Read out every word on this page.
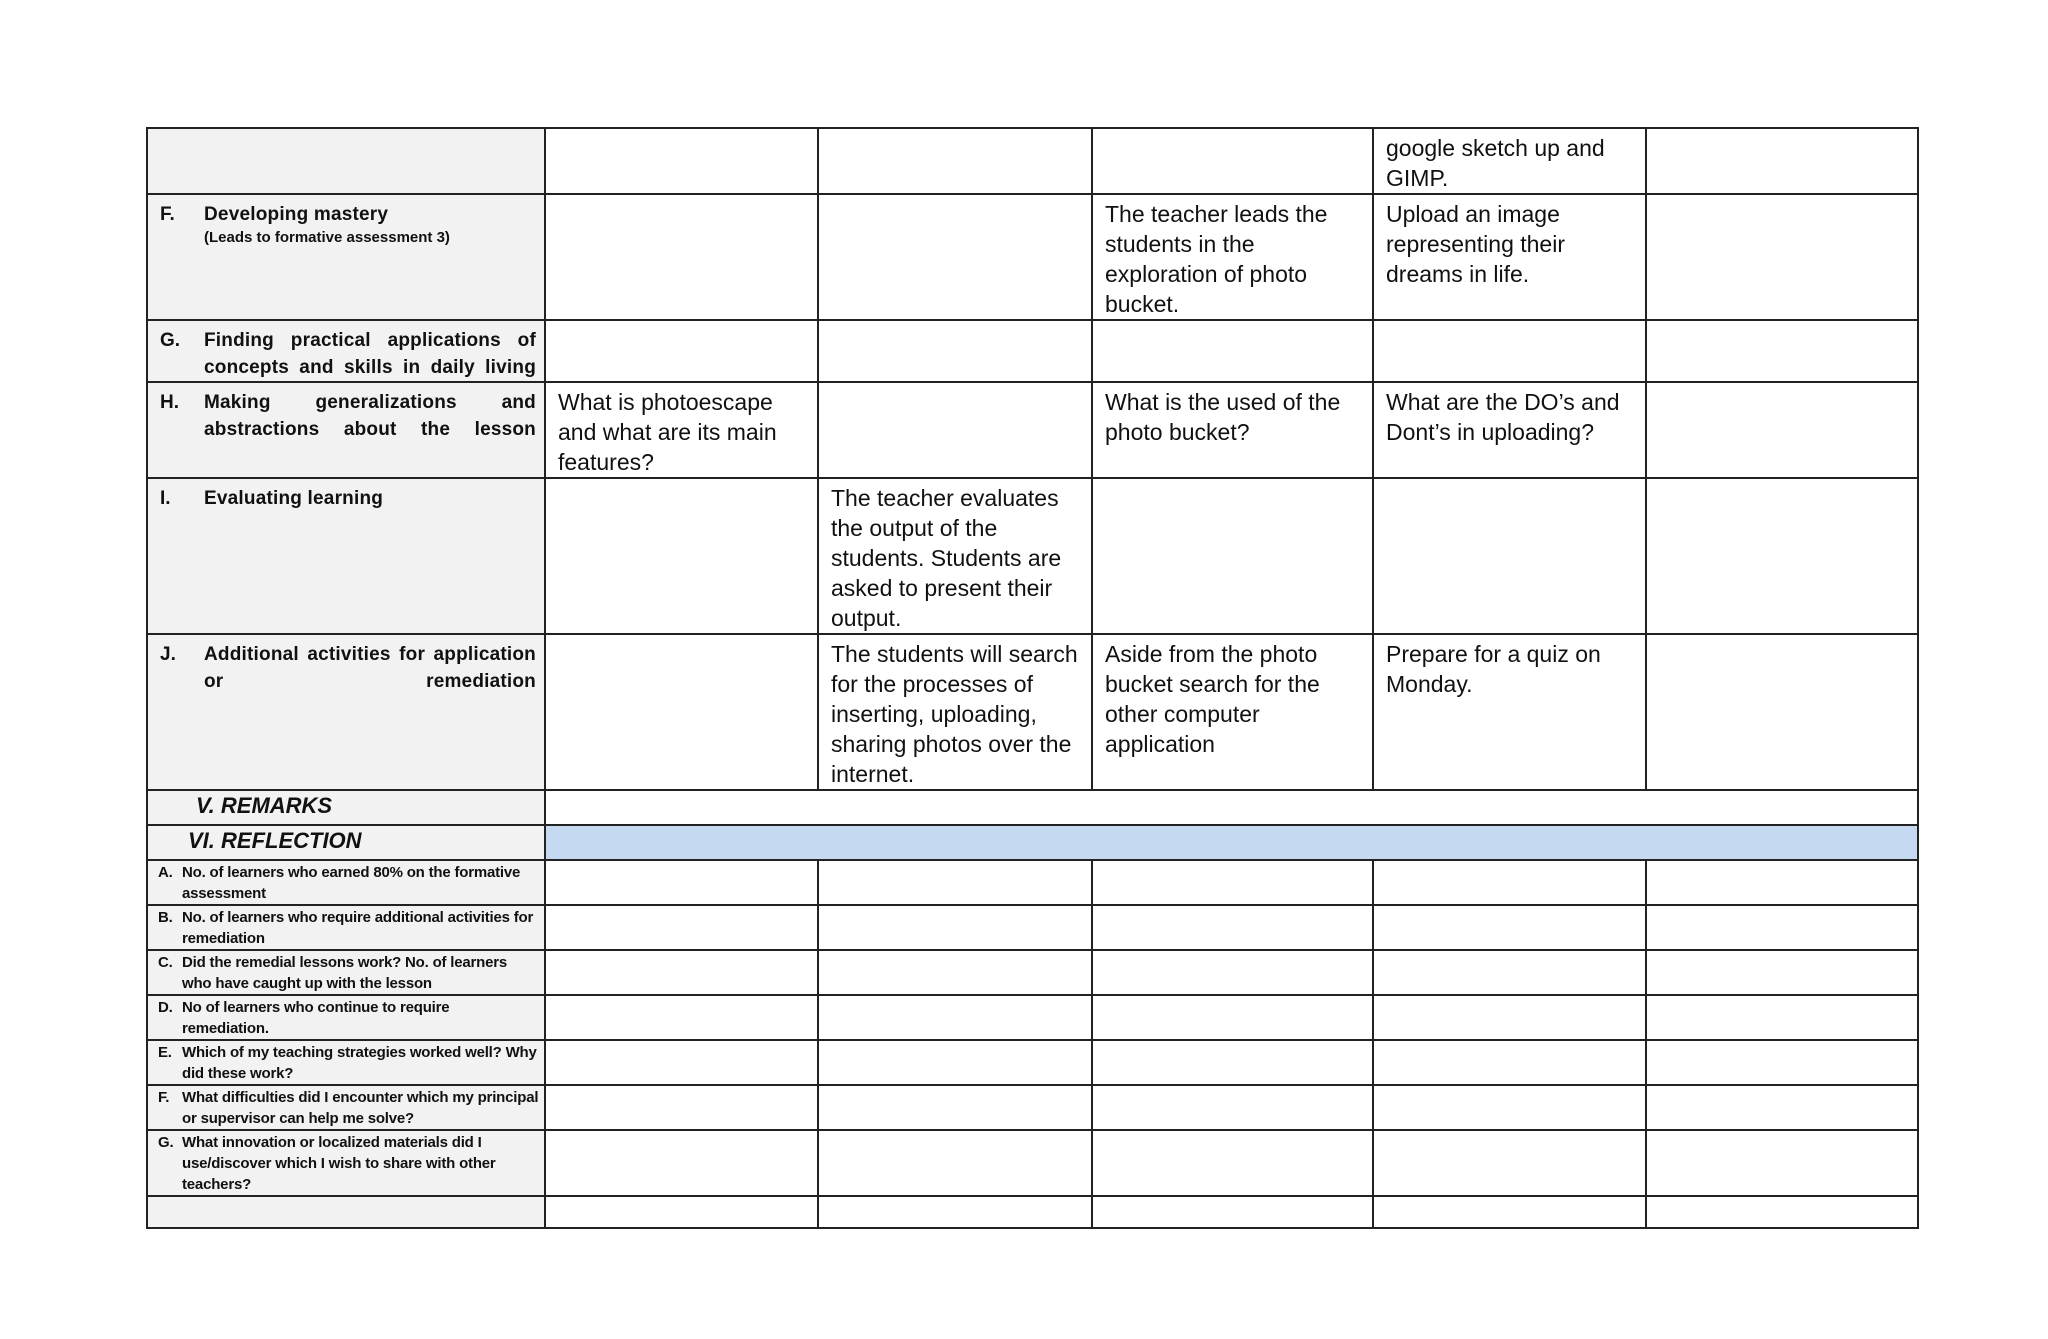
				google sketch up and
GIMP.	

F. Developing mastery
(Leads to formative assessment 3)			The teacher leads the
students in the
exploration of photo
bucket.	Upload an image
representing their
dreams in life.	

G. Finding practical applications of concepts and skills in daily living					

H. Making generalizations and abstractions about the lesson	What is photoescape
and what are its main
features?		What is the used of the
photo bucket?	What are the DO’s and
Dont’s in uploading?	

I. Evaluating learning		The teacher evaluates
the output of the
students. Students are
asked to present their
output.			

J. Additional activities for application or remediation		The students will search
for the processes of
inserting, uploading,
sharing photos over the
internet.	Aside from the photo
bucket search for the
other computer
application	Prepare for a quiz on
Monday.	

V. REMARKS					

VI. REFLECTION					

A. No. of learners who earned 80% on the formative assessment					

B. No. of learners who require additional activities for remediation					

C. Did the remedial lessons work? No. of learners who have caught up with the lesson					

D. No of learners who continue to require remediation.					

E. Which of my teaching strategies worked well? Why did these work?					

F. What difficulties did I encounter which my principal or supervisor can help me solve?					

G. What innovation or localized materials did I use/discover which I wish to share with other teachers?					
